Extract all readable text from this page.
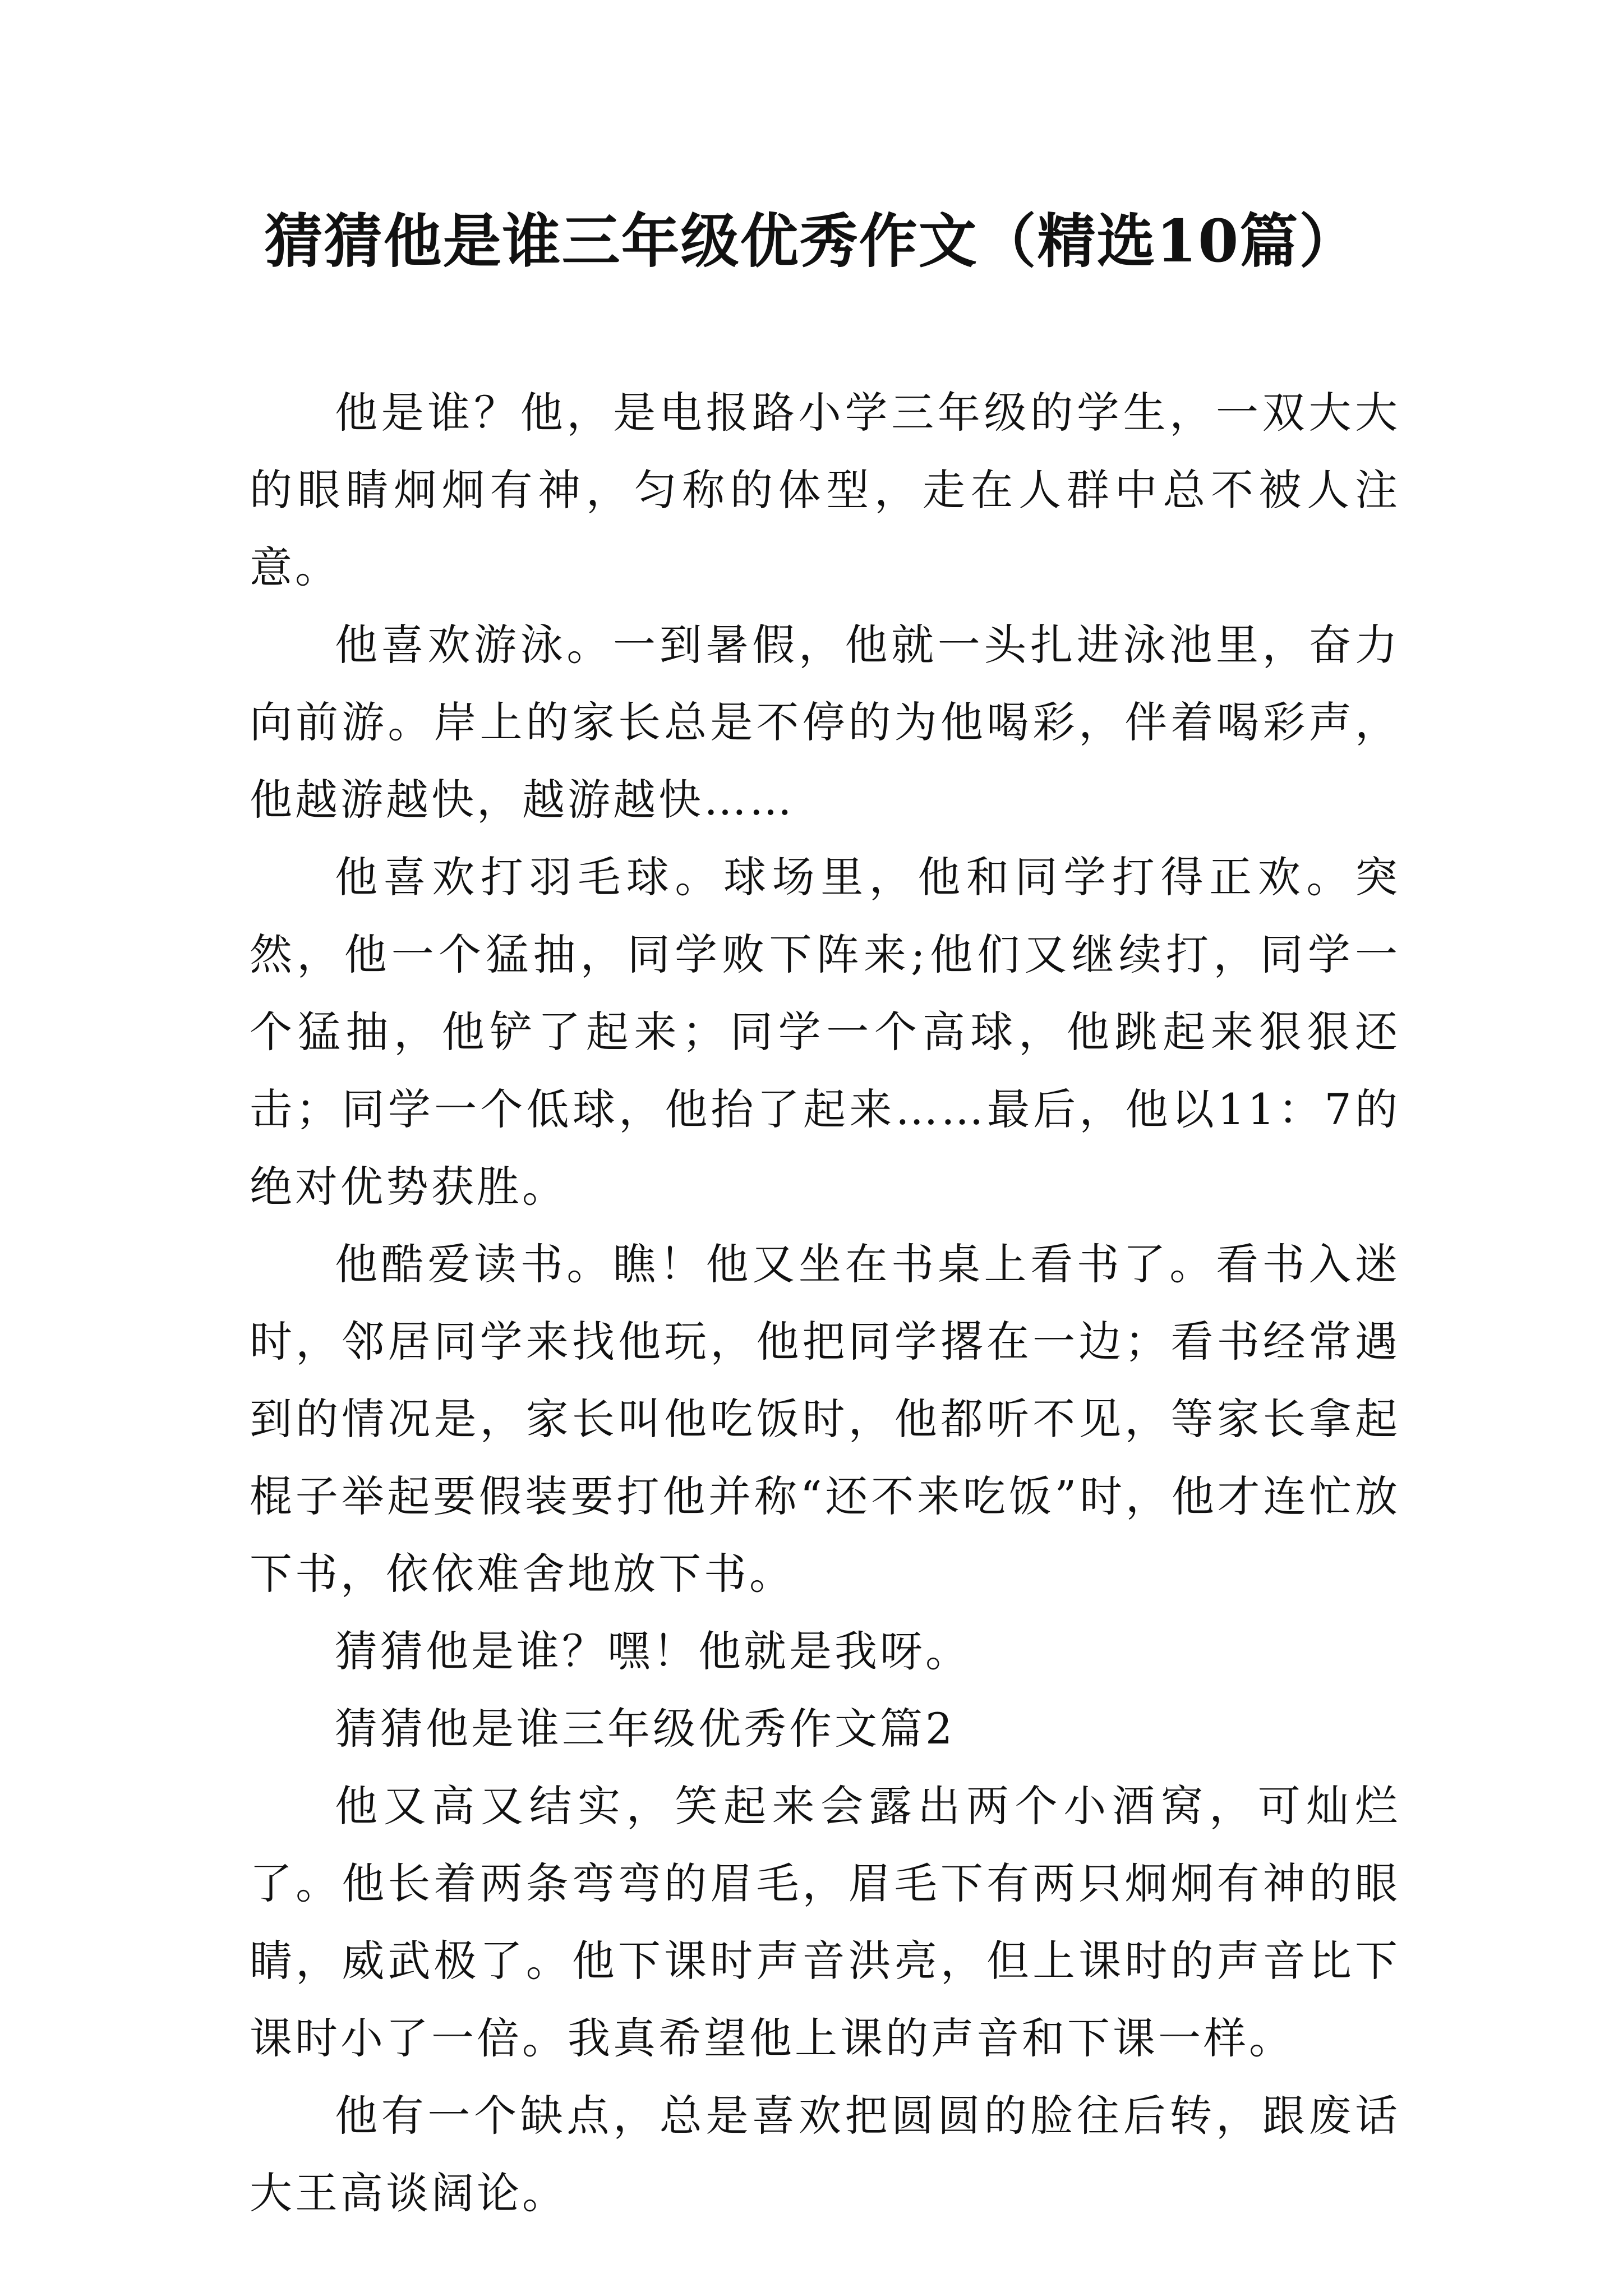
猜猜他是谁三年级优秀作文（精选10篇）

他是谁？他，是电报路小学三年级的学生，一双大大的眼睛炯炯有神，匀称的体型，走在人群中总不被人注意。

他喜欢游泳。一到暑假，他就一头扎进泳池里，奋力向前游。岸上的家长总是不停的为他喝彩，伴着喝彩声，他越游越快，越游越快……

他喜欢打羽毛球。球场里，他和同学打得正欢。突然，他一个猛抽，同学败下阵来;他们又继续打，同学一个猛抽，他铲了起来；同学一个高球，他跳起来狠狠还击；同学一个低球，他抬了起来……最后，他以11：7的绝对优势获胜。

他酷爱读书。瞧！他又坐在书桌上看书了。看书入迷时，邻居同学来找他玩，他把同学撂在一边；看书经常遇到的情况是，家长叫他吃饭时，他都听不见，等家长拿起棍子举起要假装要打他并称“还不来吃饭”时，他才连忙放下书，依依难舍地放下书。

猜猜他是谁？嘿！他就是我呀。

猜猜他是谁三年级优秀作文篇2

他又高又结实，笑起来会露出两个小酒窝，可灿烂了。他长着两条弯弯的眉毛，眉毛下有两只炯炯有神的眼睛，威武极了。他下课时声音洪亮，但上课时的声音比下课时小了一倍。我真希望他上课的声音和下课一样。

他有一个缺点，总是喜欢把圆圆的脸往后转，跟废话大王高谈阔论。
